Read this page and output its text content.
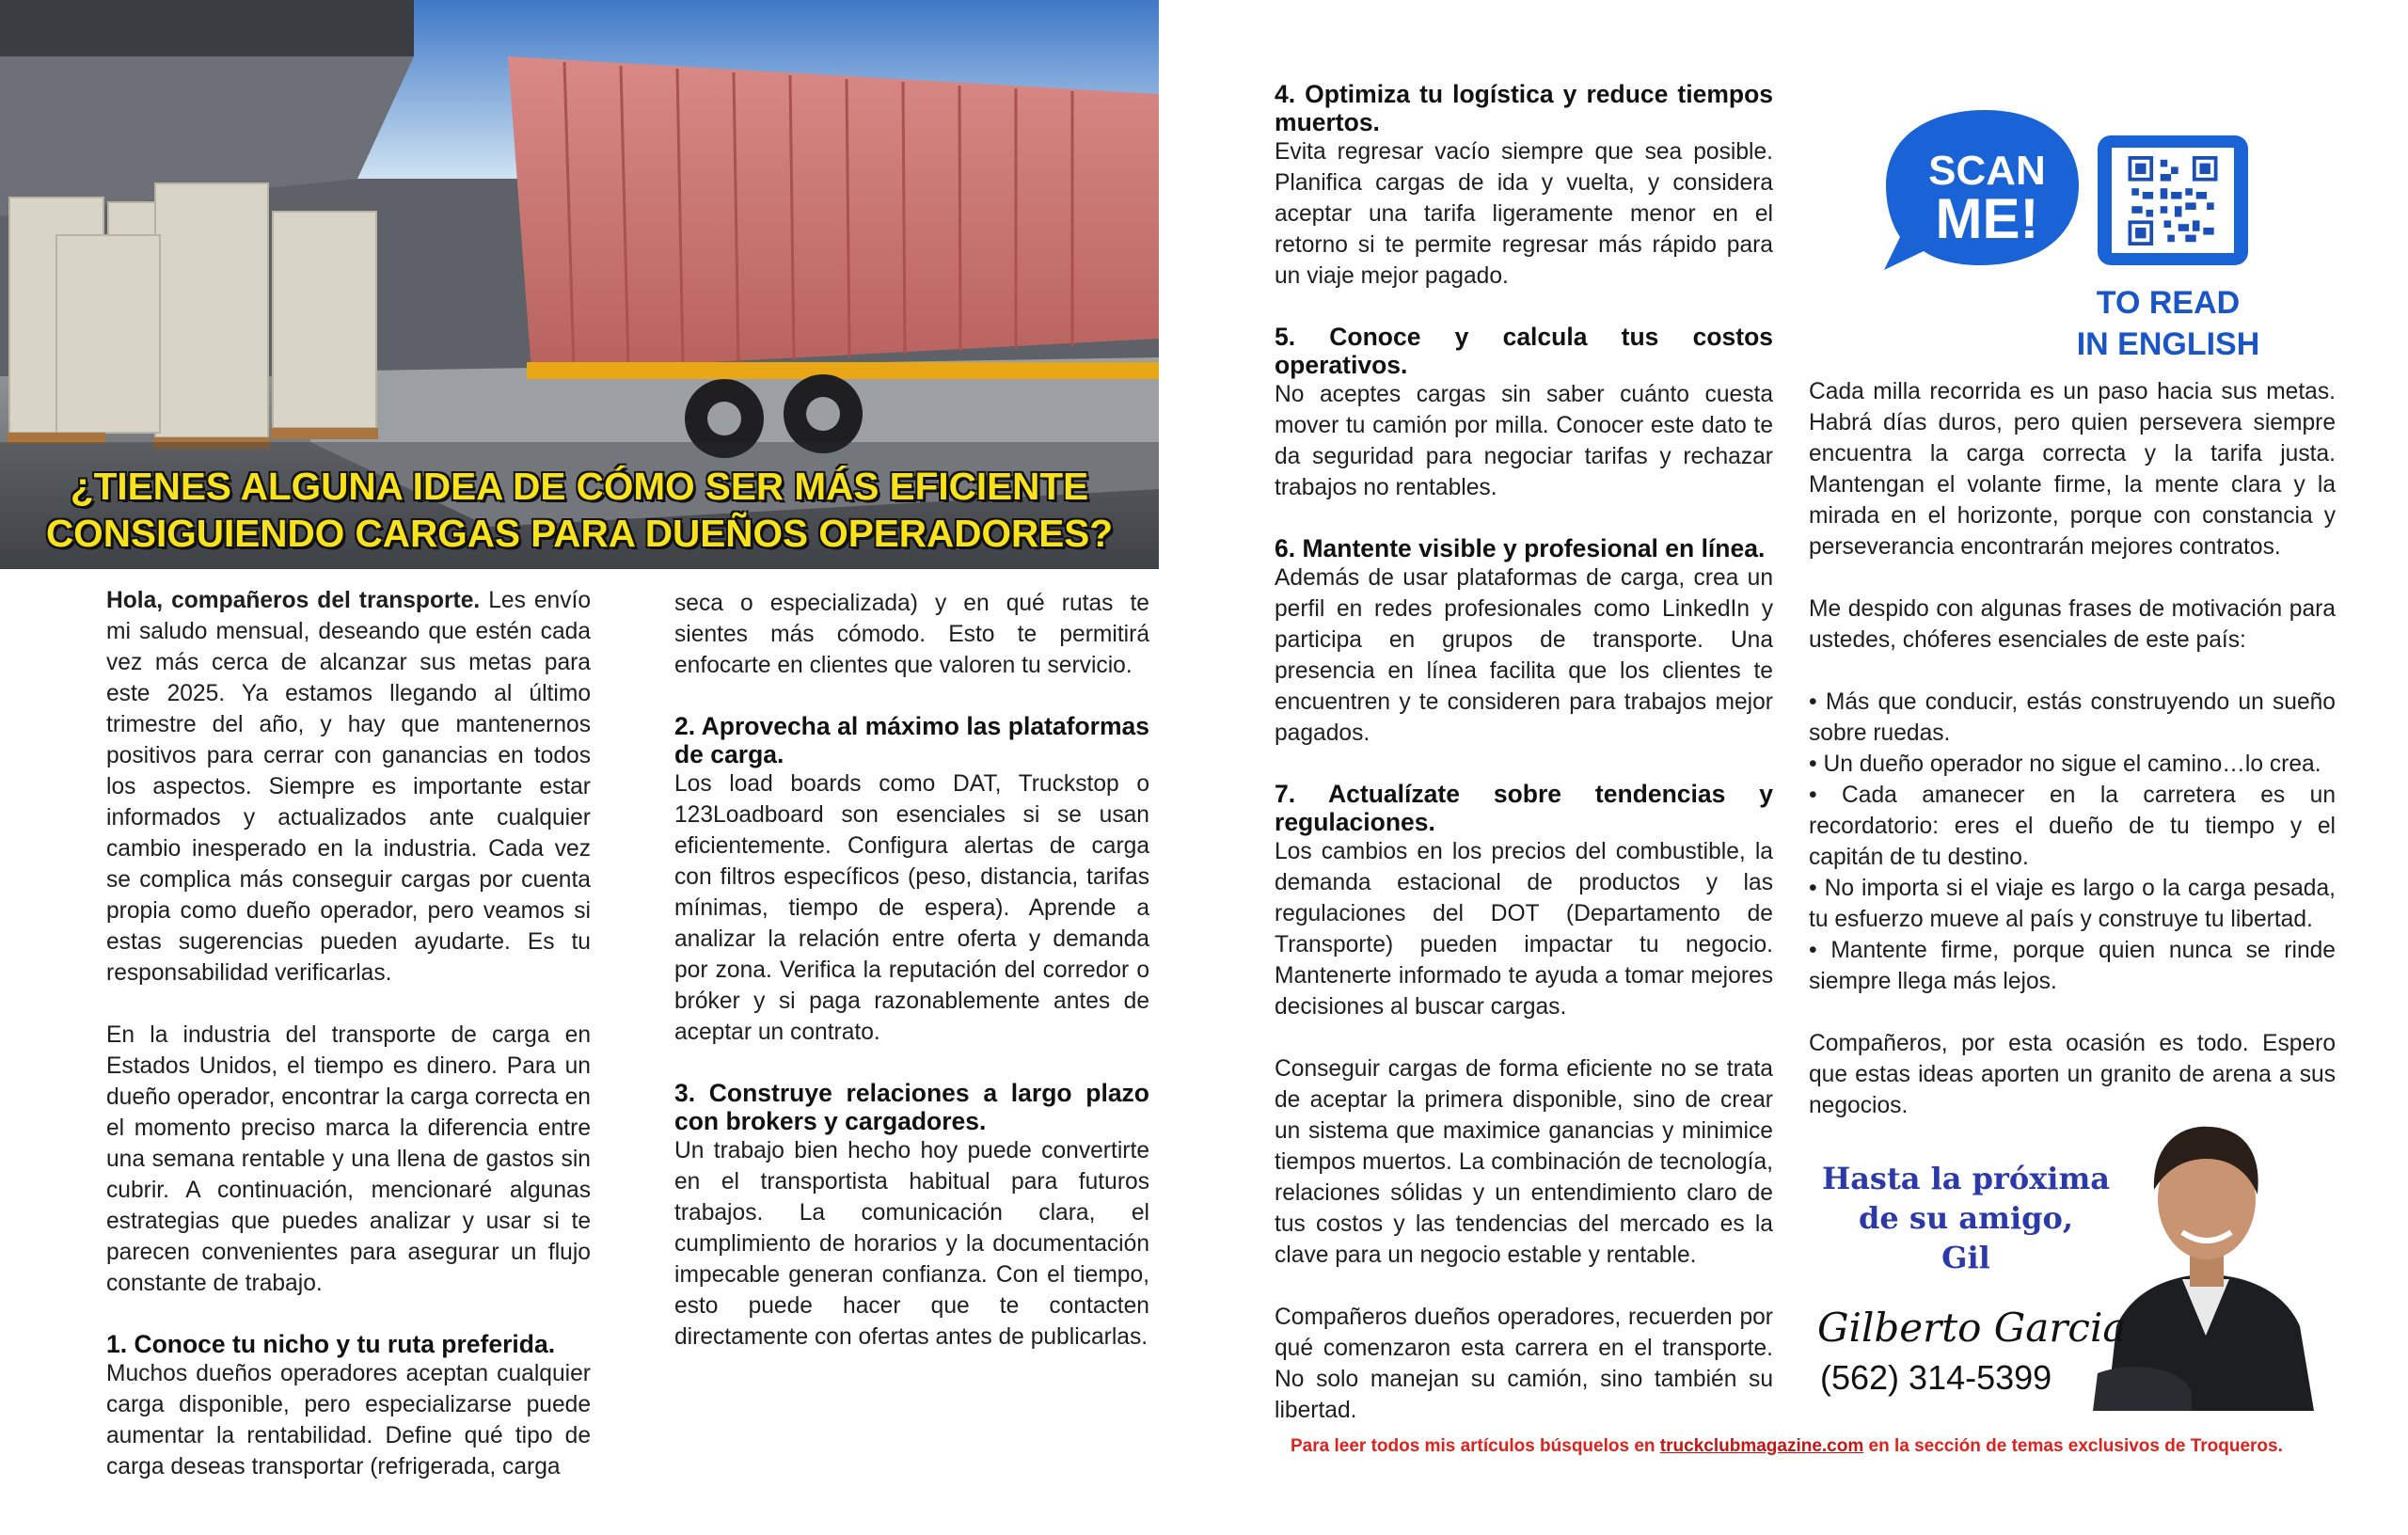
¿TIENES ALGUNA IDEA DE CÓMO SER MÁS EFICIENTE
CONSIGUIENDO CARGAS PARA DUEÑOS OPERADORES?

Hola, compañeros del transporte. Les envío mi saludo mensual, deseando que estén cada vez más cerca de alcanzar sus metas para este 2025. Ya estamos llegando al último trimestre del año, y hay que mantenernos positivos para cerrar con ganancias en todos los aspectos. Siempre es importante estar informados y actualizados ante cualquier cambio inesperado en la industria. Cada vez se complica más conseguir cargas por cuenta propia como dueño operador, pero veamos si estas sugerencias pueden ayudarte. Es tu responsabilidad verificarlas.

En la industria del transporte de carga en Estados Unidos, el tiempo es dinero. Para un dueño operador, encontrar la carga correcta en el momento preciso marca la diferencia entre una semana rentable y una llena de gastos sin cubrir. A continuación, mencionaré algunas estrategias que puedes analizar y usar si te parecen convenientes para asegurar un flujo constante de trabajo.

1. Conoce tu nicho y tu ruta preferida.

Muchos dueños operadores aceptan cualquier carga disponible, pero especializarse puede aumentar la rentabilidad. Define qué tipo de carga deseas transportar (refrigerada, carga

seca o especializada) y en qué rutas te sientes más cómodo. Esto te permitirá enfocarte en clientes que valoren tu servicio.

2. Aprovecha al máximo las plataformas de carga.

Los load boards como DAT, Truckstop o 123Loadboard son esenciales si se usan eficientemente. Configura alertas de carga con filtros específicos (peso, distancia, tarifas mínimas, tiempo de espera). Aprende a analizar la relación entre oferta y demanda por zona. Verifica la reputación del corredor o bróker y si paga razonablemente antes de aceptar un contrato.

3. Construye relaciones a largo plazo con brokers y cargadores.

Un trabajo bien hecho hoy puede convertirte en el transportista habitual para futuros trabajos. La comunicación clara, el cumplimiento de horarios y la documentación impecable generan confianza. Con el tiempo, esto puede hacer que te contacten directamente con ofertas antes de publicarlas.

4. Optimiza tu logística y reduce tiempos muertos.

Evita regresar vacío siempre que sea posible. Planifica cargas de ida y vuelta, y considera aceptar una tarifa ligeramente menor en el retorno si te permite regresar más rápido para un viaje mejor pagado.

5. Conoce y calcula tus costos operativos.

No aceptes cargas sin saber cuánto cuesta mover tu camión por milla. Conocer este dato te da seguridad para negociar tarifas y rechazar trabajos no rentables.

6. Mantente visible y profesional en línea.

Además de usar plataformas de carga, crea un perfil en redes profesionales como LinkedIn y participa en grupos de transporte. Una presencia en línea facilita que los clientes te encuentren y te consideren para trabajos mejor pagados.

7. Actualízate sobre tendencias y regulaciones.

Los cambios en los precios del combustible, la demanda estacional de productos y las regulaciones del DOT (Departamento de Transporte) pueden impactar tu negocio. Mantenerte informado te ayuda a tomar mejores decisiones al buscar cargas.

Conseguir cargas de forma eficiente no se trata de aceptar la primera disponible, sino de crear un sistema que maximice ganancias y minimice tiempos muertos. La combinación de tecnología, relaciones sólidas y un entendimiento claro de tus costos y las tendencias del mercado es la clave para un negocio estable y rentable.

Compañeros dueños operadores, recuerden por qué comenzaron esta carrera en el transporte. No solo manejan su camión, sino también su libertad.

SCAN
ME!
TO READ
IN ENGLISH

Cada milla recorrida es un paso hacia sus metas. Habrá días duros, pero quien persevera siempre encuentra la carga correcta y la tarifa justa. Mantengan el volante firme, la mente clara y la mirada en el horizonte, porque con constancia y perseverancia encontrarán mejores contratos.

Me despido con algunas frases de motivación para ustedes, chóferes esenciales de este país:

• Más que conducir, estás construyendo un sueño sobre ruedas.

• Un dueño operador no sigue el camino…lo crea.

• Cada amanecer en la carretera es un recordatorio: eres el dueño de tu tiempo y el capitán de tu destino.

• No importa si el viaje es largo o la carga pesada, tu esfuerzo mueve al país y construye tu libertad.

• Mantente firme, porque quien nunca se rinde siempre llega más lejos.

Compañeros, por esta ocasión es todo. Espero que estas ideas aporten un granito de arena a sus negocios.

Hasta la próxima
de su amigo,
Gil
Gilberto Garcia
(562) 314-5399
Para leer todos mis artículos búsquelos en truckclubmagazine.com en la sección de temas exclusivos de Troqueros.
